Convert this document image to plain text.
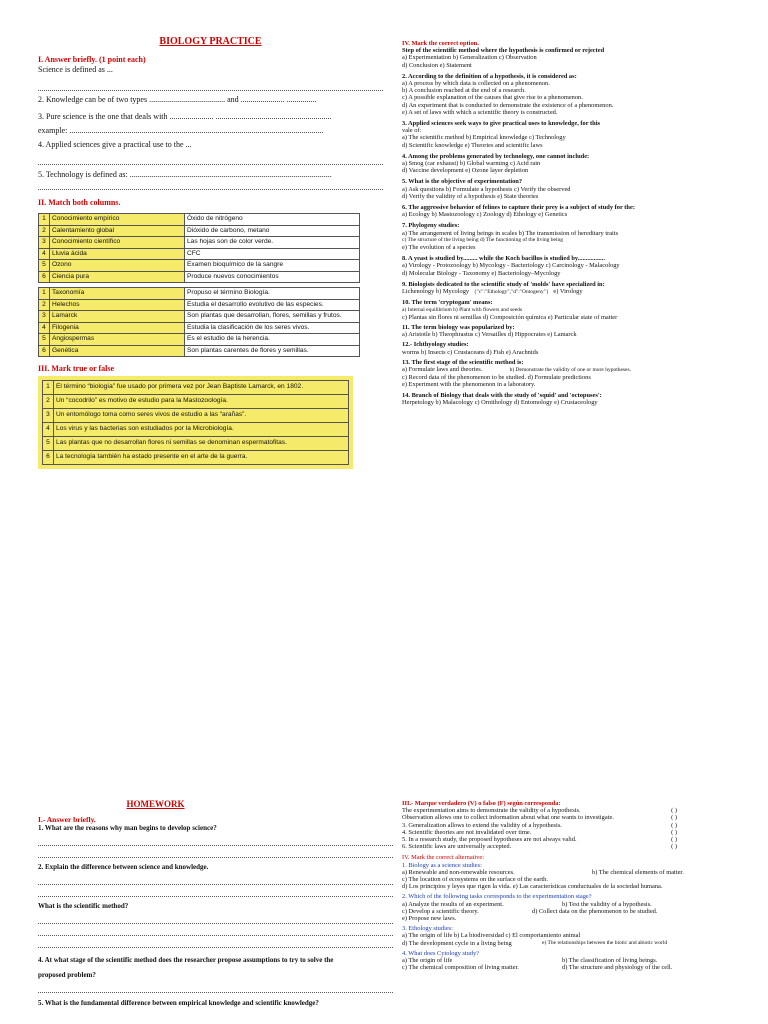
BIOLOGY PRACTICE
I. Answer briefly. (1 point each)
Science is defined as ...
2. Knowledge can be of two types ...................................... and ...................... ...............
3. Pure science is the one that deals with ...................... ..........................................................
example: ...............................................................................................................................
4. Applied sciences give a practical use to the ...
5. Technology is defined as: .....................................................................................................
II. Match both columns.
1	Conocimiento empírico	Óxido de nitrógeno
2	Calentamiento global	Dióxido de carbono, metano
3	Conocimiento científico	Las hojas son de color verde.
4	Lluvia ácida	CFC
5	Ozono	Examen bioquímico de la sangre
6	Ciencia pura	Produce nuevos conocimientos
1	Taxonomía	Propuso el término Biología.
2	Helechos	Estudia el desarrollo evolutivo de las especies.
3	Lamarck	Son plantas que desarrollan, flores, semillas y frutos.
4	Filogenia	Estudia la clasificación de los seres vivos.
5	Angiospermas	Es el estudio de la herencia.
6	Genética	Son plantas carentes de flores y semillas.
III. Mark true or false
1	El término “biología” fue usado por primera vez por Jean Baptiste Lamarck, en 1802.
2	Un “cocodrilo” es motivo de estudio para la Mastozoología.
3	Un entomólogo toma como seres vivos de estudio a las “arañas”.
4	Los virus y las bacterias son estudiados por la Microbiología.
5	Las plantas que no desarrollan flores ni semillas se denominan espermatofitas.
6	La tecnología también ha estado presente en el arte de la guerra.
IV. Mark the correct option.
Step of the scientific method where the hypothesis is confirmed or rejected
a) Experimentation b) Generalization c) Observation
d) Conclusion e) Statement
2. According to the definition of a hypothesis, it is considered as:
a) A process by which data is collected on a phenomenon.
b) A conclusion reached at the end of a research.
c) A possible explanation of the causes that give rise to a phenomenon.
d) An experiment that is conducted to demonstrate the existence of a phenomenon.
e) A set of laws with which a scientific theory is constructed.
3. Applied sciences seek ways to give practical uses to knowledge, for this
vale of:
a) The scientific method b) Empirical knowledge c) Technology
d) Scientific knowledge e) Theories and scientific laws
4. Among the problems generated by technology, one cannot include:
a) Smog (car exhaust) b) Global warming c) Acid rain
d) Vaccine development e) Ozone layer depletion
5. What is the objective of experimentation?
a) Ask questions b) Formulate a hypothesis c) Verify the observed
d) Verify the validity of a hypothesis e) State theories
6. The aggressive behavior of felines to capture their prey is a subject of study for the:
a) Ecology b) Mastozoology c) Zoology d) Ethology e) Genetics
7. Phylogeny studies:
a) The arrangement of living beings in scales b) The transmission of hereditary traits
c) The structure of the living being d) The functioning of the living being
e) The evolution of a species
8. A yeast is studied by......... while the Koch bacillus is studied by.................
a) Virology - Protozoology b) Mycology - Bacteriology c) Carcinology - Malacology
d) Molecular Biology - Taxonomy e) Bacteriology–Mycology
9. Biologists dedicated to the scientific study of 'molds' have specialized in:
Lichenology b) Mycology {"c":"Ethology","d":"Ontogeny"} e) Virology
10. The term 'cryptogam' means:
a) Internal equilibrium b) Plant with flowers and seeds
c) Plantas sin flores ni semillas d) Composición química e) Particular state of matter
11. The term biology was popularized by:
a) Aristotle b) Theophrastus c) Versailles d) Hippocrates e) Lamarck
12.- Ichthyology studies:
worms b) Insects c) Crustaceans d) Fish e) Arachnids
13. The first stage of the scientific method is:
a) Formulate laws and theories.	b) Demonstrate the validity of one or more hypotheses.
c) Record data of the phenomenon to be studied. d) Formulate predictions
e) Experiment with the phenomenon in a laboratory.
14. Branch of Biology that deals with the study of 'squid' and 'octopuses':
Herpetology b) Malacology c) Ornithology d) Entomology e) Crustaceology
HOMEWORK
I.- Answer briefly.
1. What are the reasons why man begins to develop science?
2. Explain the difference between science and knowledge.
What is the scientific method?
4. At what stage of the scientific method does the researcher propose assumptions to try to solve the
proposed problem?
5. What is the fundamental difference between empirical knowledge and scientific knowledge?
III.- Marque verdadero (V) o falso (F) según corresponda:
The experimentation aims to demonstrate the validity of a hypothesis.	( )
Observation allows one to collect information about what one wants to investigate.	( )
3. Generalization allows to extend the validity of a hypothesis.	( )
4. Scientific theories are not invalidated over time.	( )
5. In a research study, the proposed hypotheses are not always valid.	( )
6. Scientific laws are universally accepted.	( )
IV. Mark the correct alternative:
1. Biology as a science studies:
a) Renewable and non-renewable resources.	b) The chemical elements of matter.
c) The location of ecosystems on the surface of the earth.
d) Los principios y leyes que rigen la vida. e) Las características conductuales de la sociedad humana.
2. Which of the following tasks corresponds to the experimentation stage?
a) Analyze the results of an experiment.	b) Test the validity of a hypothesis.
c) Develop a scientific theory.	d) Collect data on the phenomenon to be studied.
e) Propose new laws.
3. Ethology studies:
a) The origin of life b) La biodiversidad c) El comportamiento animal
d) The development cycle in a living being	e) The relationships between the biotic and abiotic world
4. What does Cytology study?
a) The origin of life	b) The classification of living beings.
c) The chemical composition of living matter.	d) The structure and physiology of the cell.
